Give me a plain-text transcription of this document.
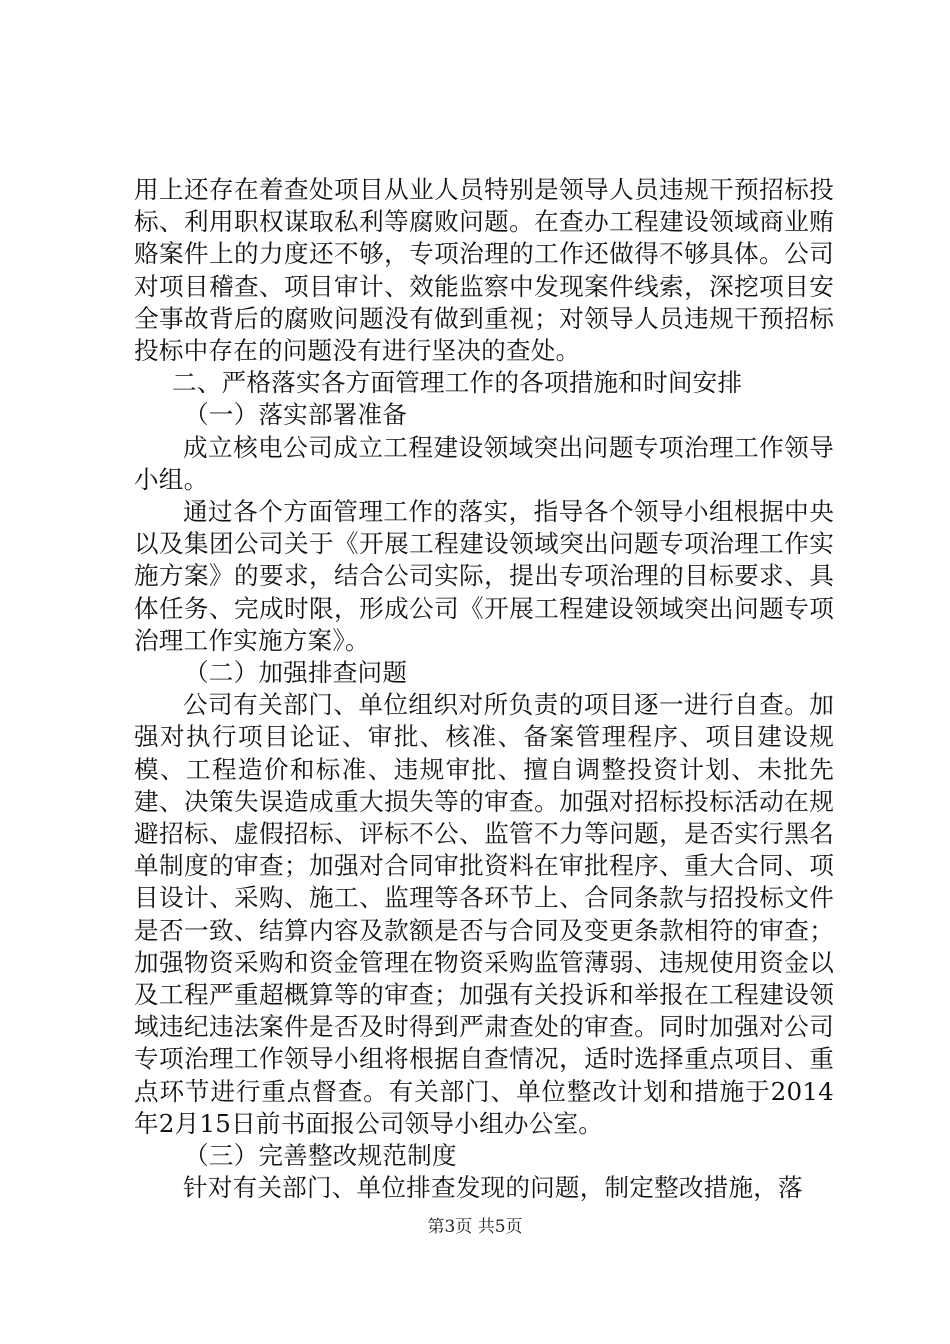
用上还存在着查处项目从业人员特别是领导人员违规干预招标投标、利用职权谋取私利等腐败问题。在查办工程建设领域商业贿赂案件上的力度还不够，专项治理的工作还做得不够具体。公司对项目稽查、项目审计、效能监察中发现案件线索，深挖项目安全事故背后的腐败问题没有做到重视；对领导人员违规干预招标投标中存在的问题没有进行坚决的查处。

二、严格落实各方面管理工作的各项措施和时间安排

（一）落实部署准备

成立核电公司成立工程建设领域突出问题专项治理工作领导小组。

通过各个方面管理工作的落实，指导各个领导小组根据中央以及集团公司关于《开展工程建设领域突出问题专项治理工作实施方案》的要求，结合公司实际，提出专项治理的目标要求、具体任务、完成时限，形成公司《开展工程建设领域突出问题专项治理工作实施方案》。

（二）加强排查问题

公司有关部门、单位组织对所负责的项目逐一进行自查。加强对执行项目论证、审批、核准、备案管理程序、项目建设规模、工程造价和标准、违规审批、擅自调整投资计划、未批先建、决策失误造成重大损失等的审查。加强对招标投标活动在规避招标、虚假招标、评标不公、监管不力等问题，是否实行黑名单制度的审查；加强对合同审批资料在审批程序、重大合同、项目设计、采购、施工、监理等各环节上、合同条款与招投标文件是否一致、结算内容及款额是否与合同及变更条款相符的审查；加强物资采购和资金管理在物资采购监管薄弱、违规使用资金以及工程严重超概算等的审查；加强有关投诉和举报在工程建设领域违纪违法案件是否及时得到严肃查处的审查。同时加强对公司专项治理工作领导小组将根据自查情况，适时选择重点项目、重点环节进行重点督查。有关部门、单位整改计划和措施于2014年2月15日前书面报公司领导小组办公室。

（三）完善整改规范制度

针对有关部门、单位排查发现的问题，制定整改措施，落

第3页 共5页
